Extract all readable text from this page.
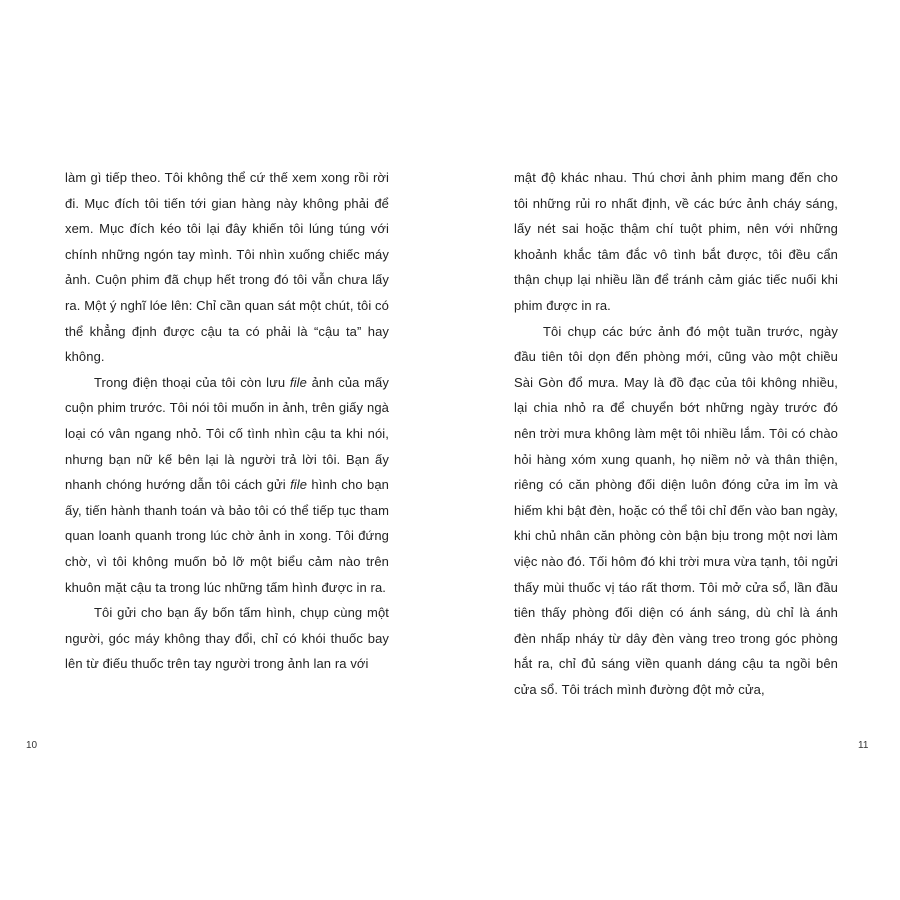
làm gì tiếp theo. Tôi không thể cứ thế xem xong rồi rời đi. Mục đích tôi tiến tới gian hàng này không phải để xem. Mục đích kéo tôi lại đây khiến tôi lúng túng với chính những ngón tay mình. Tôi nhìn xuống chiếc máy ảnh. Cuộn phim đã chụp hết trong đó tôi vẫn chưa lấy ra. Một ý nghĩ lóe lên: Chỉ cần quan sát một chút, tôi có thể khẳng định được cậu ta có phải là “cậu ta” hay không.

Trong điện thoại của tôi còn lưu file ảnh của mấy cuộn phim trước. Tôi nói tôi muốn in ảnh, trên giấy ngà loại có vân ngang nhỏ. Tôi cố tình nhìn cậu ta khi nói, nhưng bạn nữ kế bên lại là người trả lời tôi. Bạn ấy nhanh chóng hướng dẫn tôi cách gửi file hình cho bạn ấy, tiến hành thanh toán và bảo tôi có thể tiếp tục tham quan loanh quanh trong lúc chờ ảnh in xong. Tôi đứng chờ, vì tôi không muốn bỏ lỡ một biểu cảm nào trên khuôn mặt cậu ta trong lúc những tấm hình được in ra.

Tôi gửi cho bạn ấy bốn tấm hình, chụp cùng một người, góc máy không thay đổi, chỉ có khói thuốc bay lên từ điếu thuốc trên tay người trong ảnh lan ra với

10

mật độ khác nhau. Thú chơi ảnh phim mang đến cho tôi những rủi ro nhất định, về các bức ảnh cháy sáng, lấy nét sai hoặc thậm chí tuột phim, nên với những khoảnh khắc tâm đắc vô tình bắt được, tôi đều cẩn thận chụp lại nhiều lần để tránh cảm giác tiếc nuối khi phim được in ra.

Tôi chụp các bức ảnh đó một tuần trước, ngày đầu tiên tôi dọn đến phòng mới, cũng vào một chiều Sài Gòn đổ mưa. May là đồ đạc của tôi không nhiều, lại chia nhỏ ra để chuyển bớt những ngày trước đó nên trời mưa không làm mệt tôi nhiều lắm. Tôi có chào hỏi hàng xóm xung quanh, họ niềm nở và thân thiện, riêng có căn phòng đối diện luôn đóng cửa im ỉm và hiếm khi bật đèn, hoặc có thể tôi chỉ đến vào ban ngày, khi chủ nhân căn phòng còn bận bịu trong một nơi làm việc nào đó. Tối hôm đó khi trời mưa vừa tạnh, tôi ngửi thấy mùi thuốc vị táo rất thơm. Tôi mở cửa sổ, lần đầu tiên thấy phòng đối diện có ánh sáng, dù chỉ là ánh đèn nhấp nháy từ dây đèn vàng treo trong góc phòng hắt ra, chỉ đủ sáng viền quanh dáng cậu ta ngồi bên cửa sổ. Tôi trách mình đường đột mở cửa,

11
